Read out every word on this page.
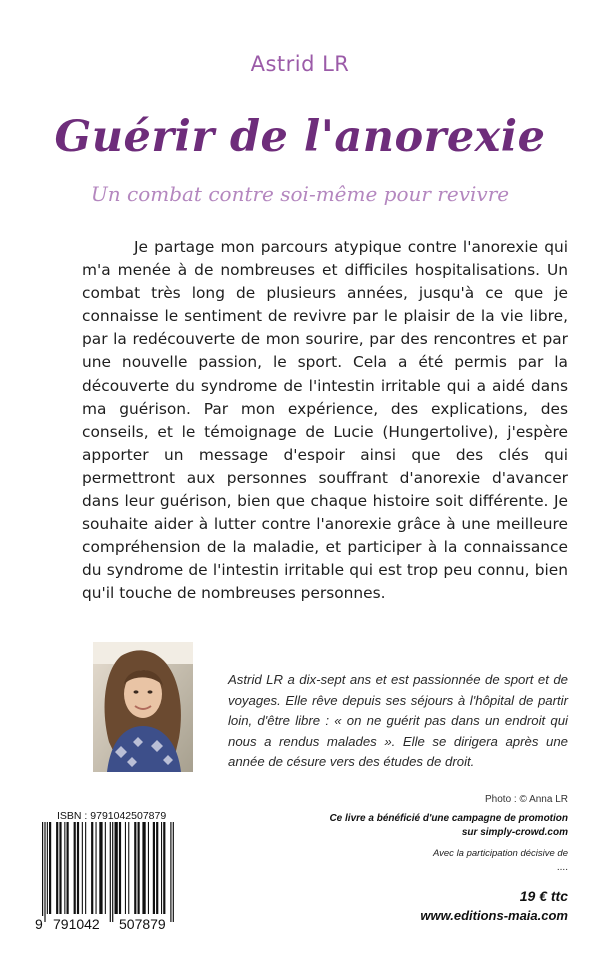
Astrid LR
Guérir de l'anorexie
Un combat contre soi-même pour revivre

Je partage mon parcours atypique contre l'anorexie qui m'a menée à de nombreuses et difficiles hospitalisations. Un combat très long de plusieurs années, jusqu'à ce que je connaisse le sentiment de revivre par le plaisir de la vie libre, par la redécouverte de mon sourire, par des rencontres et par une nouvelle passion, le sport. Cela a été permis par la découverte du syndrome de l'intestin irritable qui a aidé dans ma guérison. Par mon expérience, des explications, des conseils, et le témoignage de Lucie (Hungertolive), j'espère apporter un message d'espoir ainsi que des clés qui permettront aux personnes souffrant d'anorexie d'avancer dans leur guérison, bien que chaque histoire soit différente. Je souhaite aider à lutter contre l'anorexie grâce à une meilleure compréhension de la maladie, et participer à la connaissance du syndrome de l'intestin irritable qui est trop peu connu, bien qu'il touche de nombreuses personnes.

Astrid LR a dix-sept ans et est passionnée de sport et de voyages. Elle rêve depuis ses séjours à l'hôpital de partir loin, d'être libre : « on ne guérit pas dans un endroit qui nous a rendus malades ». Elle se dirigera après une année de césure vers des études de droit.

Photo : © Anna LR
ISBN : 9791042507879
9 791042 507879

Ce livre a bénéficié d'une campagne de promotion
sur simply-crowd.com

Avec la participation décisive de
....
19 € ttc
www.editions-maia.com
